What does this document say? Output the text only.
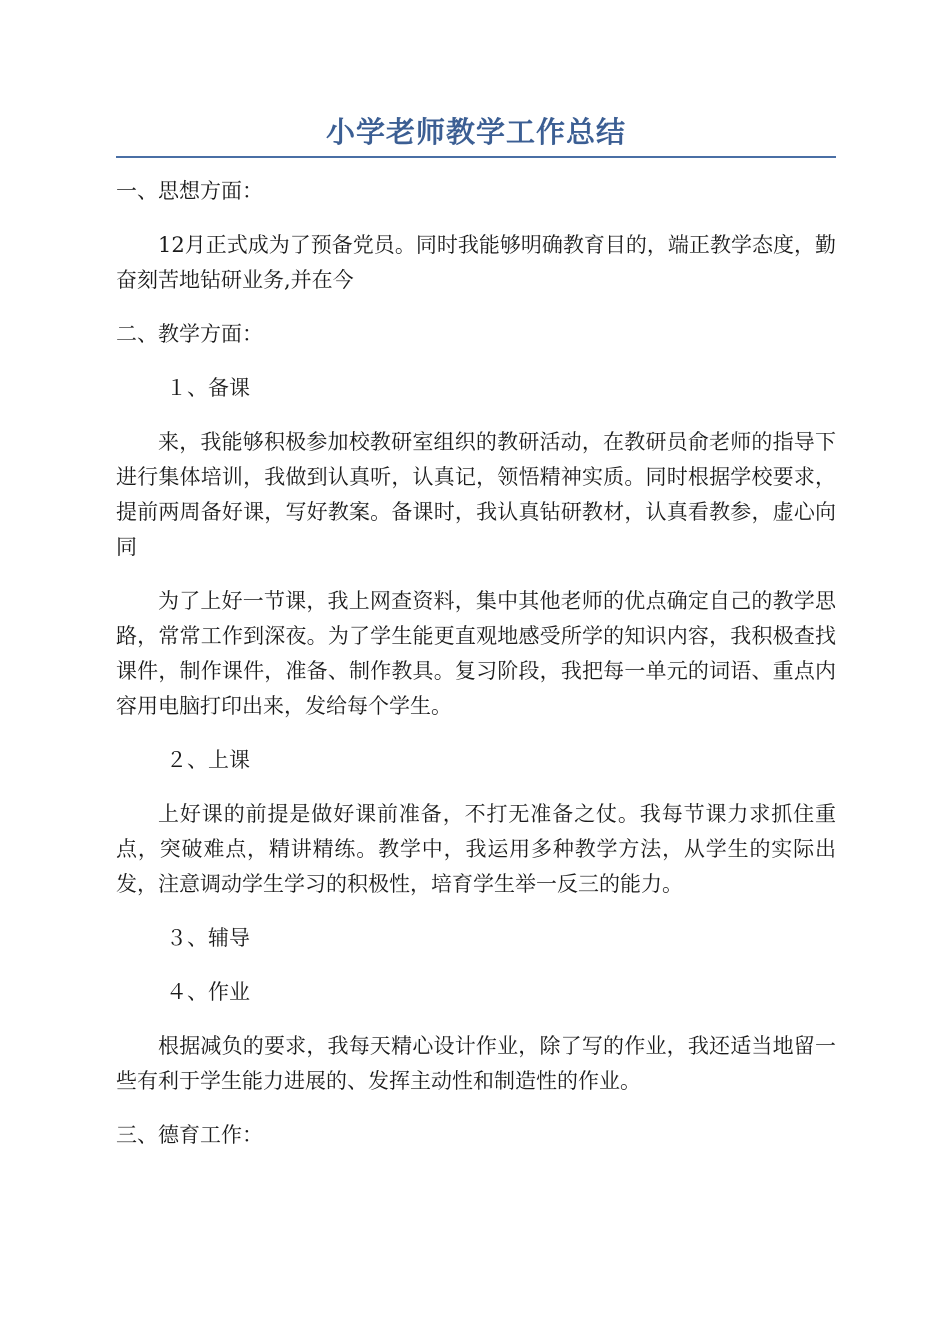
小学老师教学工作总结

一、思想方面：

12月正式成为了预备党员。同时我能够明确教育目的，端正教学态度，勤奋刻苦地钻研业务,并在今

二、教学方面：

１、备课

来，我能够积极参加校教研室组织的教研活动，在教研员俞老师的指导下进行集体培训，我做到认真听，认真记，领悟精神实质。同时根据学校要求，提前两周备好课，写好教案。备课时，我认真钻研教材，认真看教参，虚心向同

为了上好一节课，我上网查资料，集中其他老师的优点确定自己的教学思路，常常工作到深夜。为了学生能更直观地感受所学的知识内容，我积极查找课件，制作课件，准备、制作教具。复习阶段，我把每一单元的词语、重点内容用电脑打印出来，发给每个学生。

２、上课

上好课的前提是做好课前准备，不打无准备之仗。我每节课力求抓住重点，突破难点，精讲精练。教学中，我运用多种教学方法，从学生的实际出发，注意调动学生学习的积极性，培育学生举一反三的能力。

３、辅导

４、作业

根据减负的要求，我每天精心设计作业，除了写的作业，我还适当地留一些有利于学生能力进展的、发挥主动性和制造性的作业。

三、德育工作：
